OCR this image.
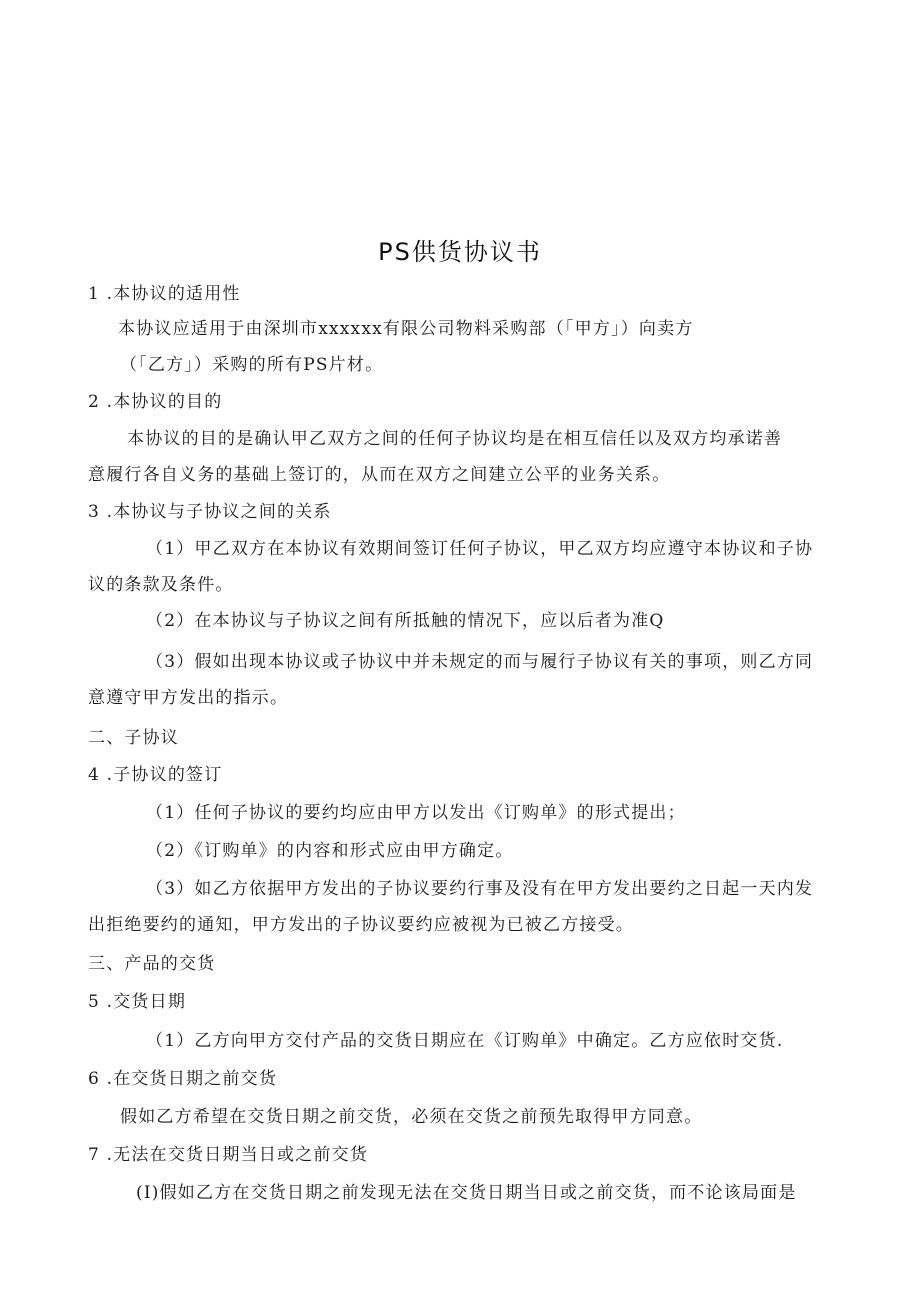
PS供货协议书
1 .本协议的适用性
本协议应适用于由深圳市xxxxxx有限公司物料采购部（「甲方」）向卖方
（「乙方」）采购的所有PS片材。
2 .本协议的目的
本协议的目的是确认甲乙双方之间的任何子协议均是在相互信任以及双方均承诺善
意履行各自义务的基础上签订的，从而在双方之间建立公平的业务关系。
3 .本协议与子协议之间的关系
（1）甲乙双方在本协议有效期间签订任何子协议，甲乙双方均应遵守本协议和子协
议的条款及条件。
（2）在本协议与子协议之间有所抵触的情况下，应以后者为准Q
（3）假如出现本协议或子协议中并未规定的而与履行子协议有关的事项，则乙方同
意遵守甲方发出的指示。
二、子协议
4 .子协议的签订
（1）任何子协议的要约均应由甲方以发出《订购单》的形式提出；
（2）《订购单》的内容和形式应由甲方确定。
（3）如乙方依据甲方发出的子协议要约行事及没有在甲方发出要约之日起一天内发
出拒绝要约的通知，甲方发出的子协议要约应被视为已被乙方接受。
三、产品的交货
5 .交货日期
（1）乙方向甲方交付产品的交货日期应在《订购单》中确定。乙方应依时交货.
6 .在交货日期之前交货
假如乙方希望在交货日期之前交货，必须在交货之前预先取得甲方同意。
7 .无法在交货日期当日或之前交货
(I)假如乙方在交货日期之前发现无法在交货日期当日或之前交货，而不论该局面是
